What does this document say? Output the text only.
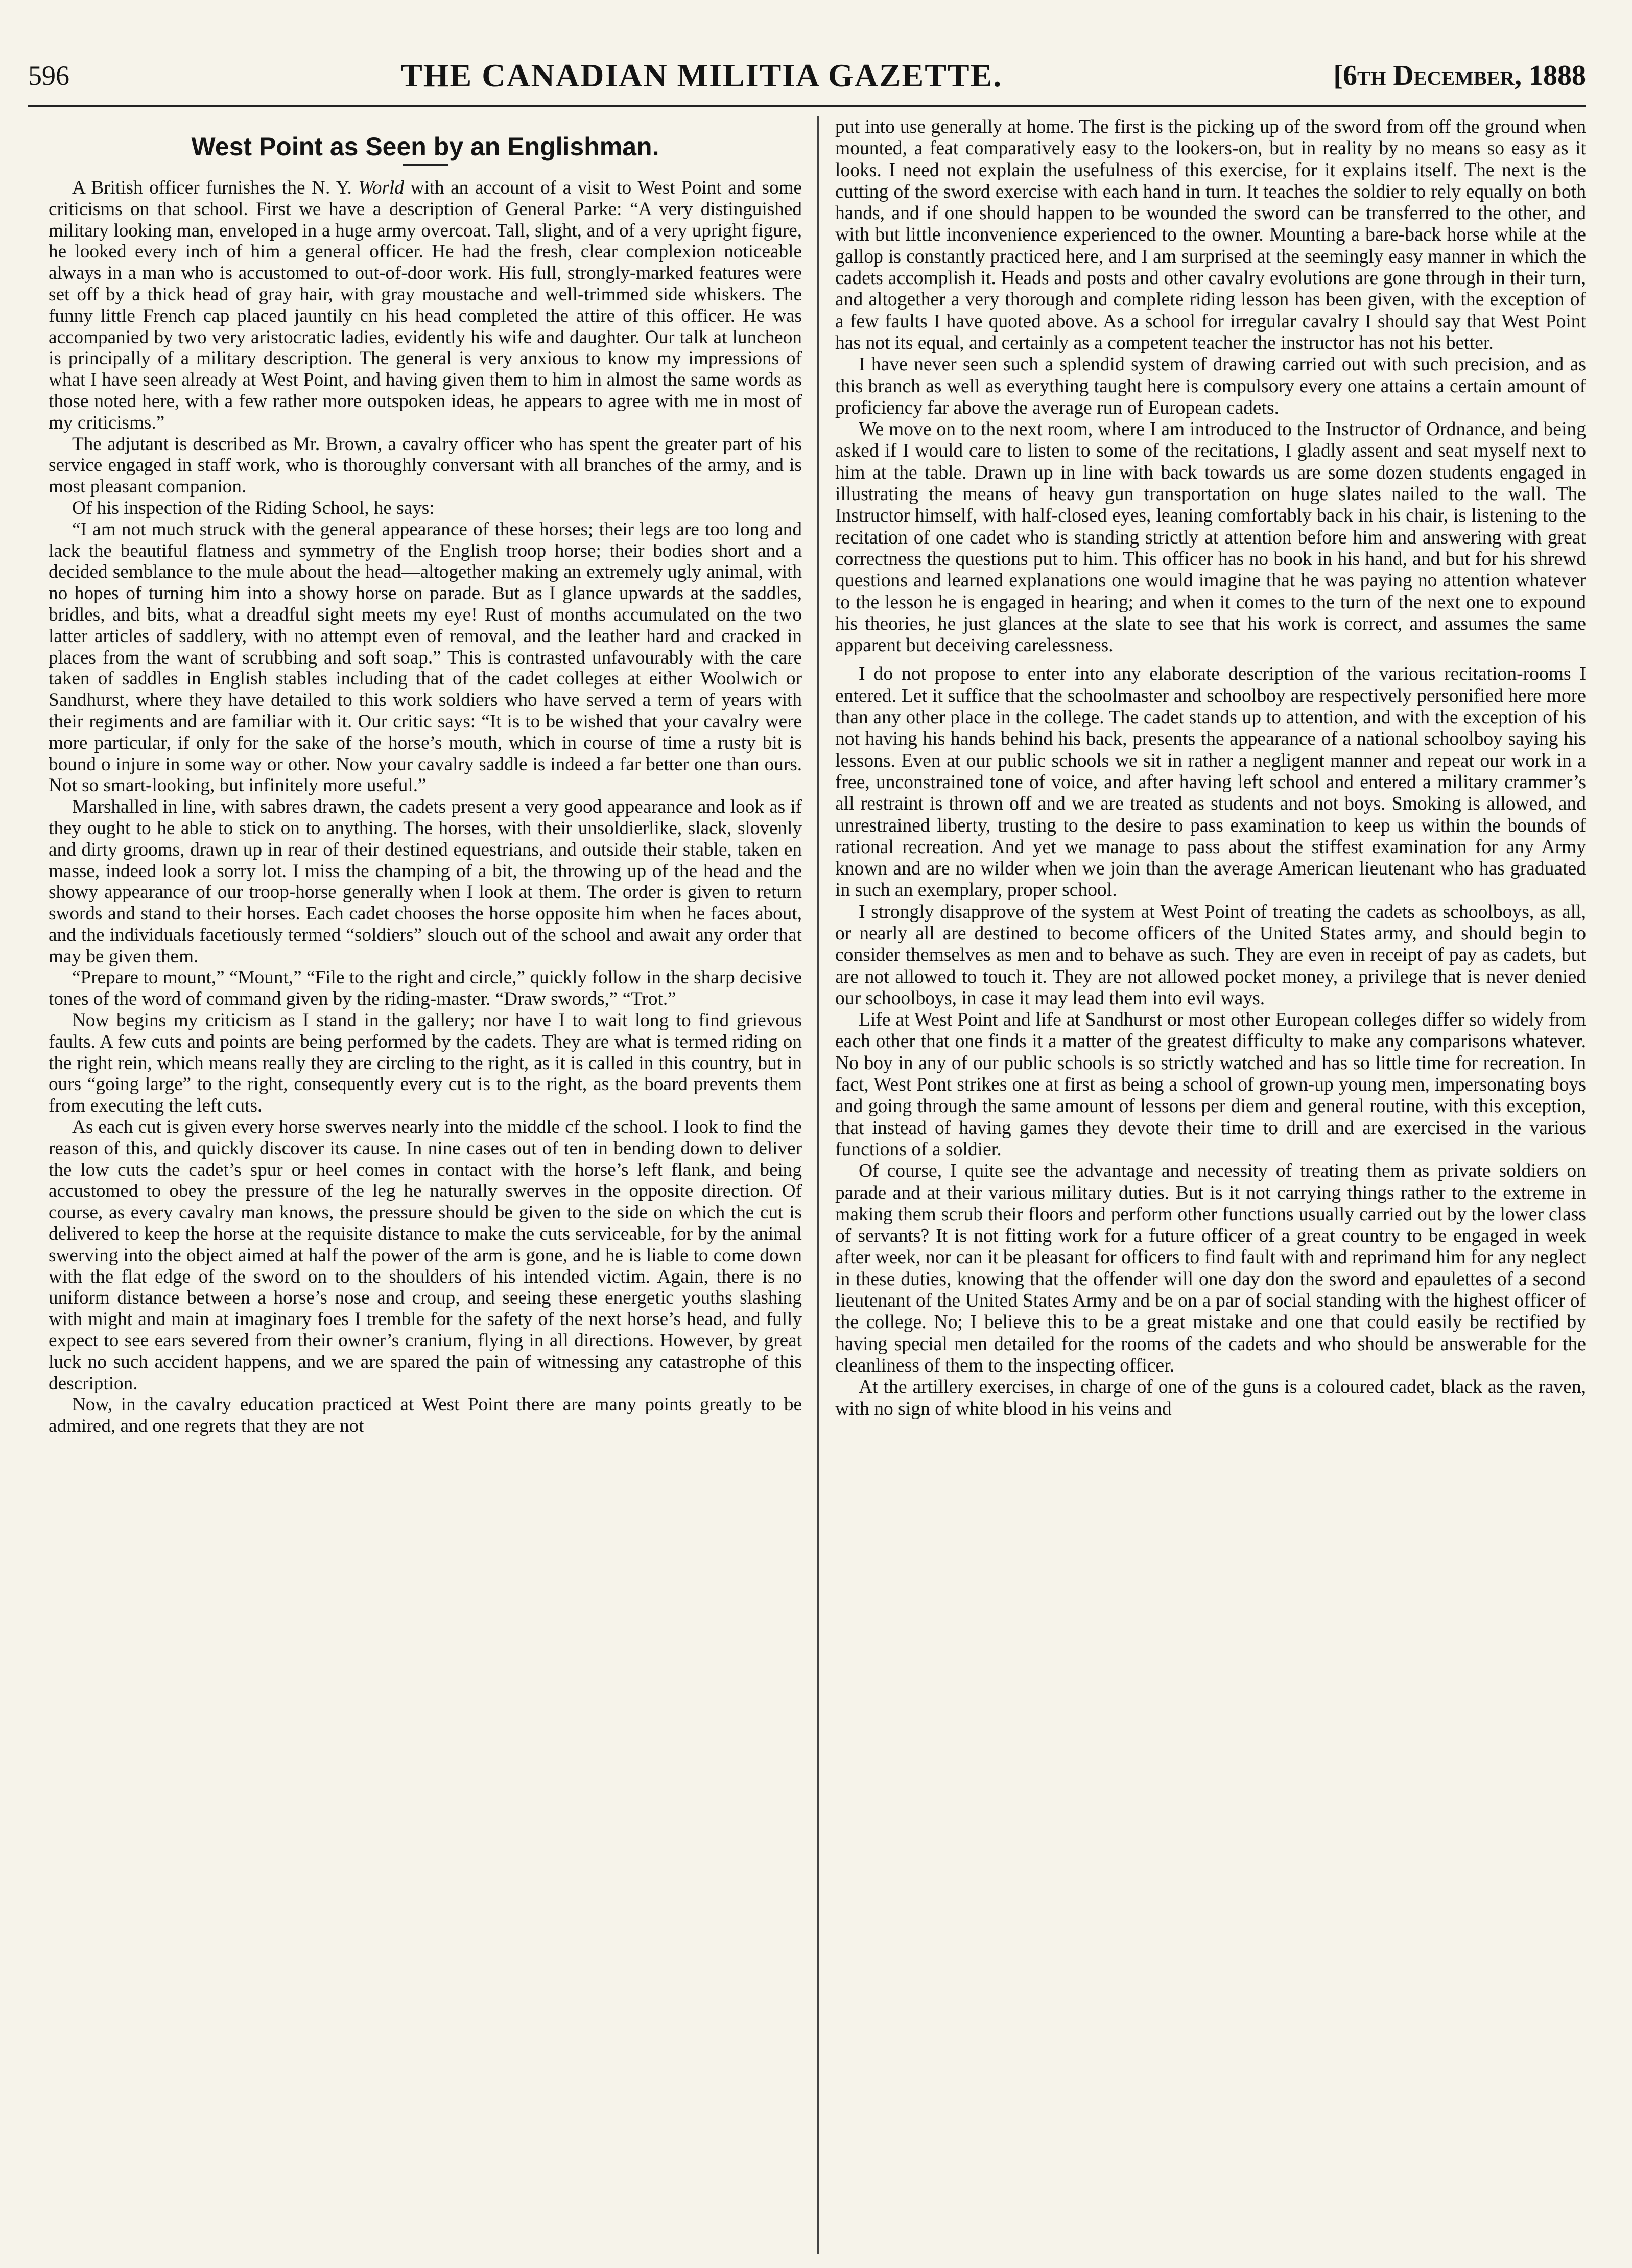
596	THE CANADIAN MILITIA GAZETTE.	[6th December, 1888
West Point as Seen by an Englishman.

A British officer furnishes the N. Y. World with an account of a visit to West Point and some criticisms on that school. First we have a description of General Parke: “A very distinguished military looking man, enveloped in a huge army overcoat. Tall, slight, and of a very upright figure, he looked every inch of him a general officer. He had the fresh, clear complexion noticeable always in a man who is accustomed to out-of-door work. His full, strongly-marked features were set off by a thick head of gray hair, with gray moustache and well-trimmed side whiskers. The funny little French cap placed jauntily cn his head completed the attire of this officer. He was accompanied by two very aristocratic ladies, evidently his wife and daughter. Our talk at luncheon is principally of a military description. The general is very anxious to know my impressions of what I have seen already at West Point, and having given them to him in almost the same words as those noted here, with a few rather more outspoken ideas, he appears to agree with me in most of my criticisms.”

The adjutant is described as Mr. Brown, a cavalry officer who has spent the greater part of his service engaged in staff work, who is thoroughly conversant with all branches of the army, and is most pleasant companion.

Of his inspection of the Riding School, he says:

“I am not much struck with the general appearance of these horses; their legs are too long and lack the beautiful flatness and symmetry of the English troop horse; their bodies short and a decided semblance to the mule about the head—altogether making an extremely ugly animal, with no hopes of turning him into a showy horse on parade. But as I glance upwards at the saddles, bridles, and bits, what a dreadful sight meets my eye! Rust of months accumulated on the two latter articles of saddlery, with no attempt even of removal, and the leather hard and cracked in places from the want of scrubbing and soft soap.” This is contrasted unfavourably with the care taken of saddles in English stables including that of the cadet colleges at either Woolwich or Sandhurst, where they have detailed to this work soldiers who have served a term of years with their regiments and are familiar with it. Our critic says: “It is to be wished that your cavalry were more particular, if only for the sake of the horse’s mouth, which in course of time a rusty bit is bound o injure in some way or other. Now your cavalry saddle is indeed a far better one than ours. Not so smart-looking, but infinitely more useful.”

Marshalled in line, with sabres drawn, the cadets present a very good appearance and look as if they ought to he able to stick on to anything. The horses, with their unsoldierlike, slack, slovenly and dirty grooms, drawn up in rear of their destined equestrians, and outside their stable, taken en masse, indeed look a sorry lot. I miss the champing of a bit, the throwing up of the head and the showy appearance of our troop-horse generally when I look at them. The order is given to return swords and stand to their horses. Each cadet chooses the horse opposite him when he faces about, and the individuals facetiously termed “soldiers” slouch out of the school and await any order that may be given them.

“Prepare to mount,” “Mount,” “File to the right and circle,” quickly follow in the sharp decisive tones of the word of command given by the riding-master. “Draw swords,” “Trot.”

Now begins my criticism as I stand in the gallery; nor have I to wait long to find grievous faults. A few cuts and points are being performed by the cadets. They are what is termed riding on the right rein, which means really they are circling to the right, as it is called in this country, but in ours “going large” to the right, consequently every cut is to the right, as the board prevents them from executing the left cuts.

As each cut is given every horse swerves nearly into the middle cf the school. I look to find the reason of this, and quickly discover its cause. In nine cases out of ten in bending down to deliver the low cuts the cadet’s spur or heel comes in contact with the horse’s left flank, and being accustomed to obey the pressure of the leg he naturally swerves in the opposite direction. Of course, as every cavalry man knows, the pressure should be given to the side on which the cut is delivered to keep the horse at the requisite distance to make the cuts serviceable, for by the animal swerving into the object aimed at half the power of the arm is gone, and he is liable to come down with the flat edge of the sword on to the shoulders of his intended victim. Again, there is no uniform distance between a horse’s nose and croup, and seeing these energetic youths slashing with might and main at imaginary foes I tremble for the safety of the next horse’s head, and fully expect to see ears severed from their owner’s cranium, flying in all directions. However, by great luck no such accident happens, and we are spared the pain of witnessing any catastrophe of this description.

Now, in the cavalry education practiced at West Point there are many points greatly to be admired, and one regrets that they are not

put into use generally at home. The first is the picking up of the sword from off the ground when mounted, a feat comparatively easy to the lookers-on, but in reality by no means so easy as it looks. I need not explain the usefulness of this exercise, for it explains itself. The next is the cutting of the sword exercise with each hand in turn. It teaches the soldier to rely equally on both hands, and if one should happen to be wounded the sword can be transferred to the other, and with but little inconvenience experienced to the owner. Mounting a bare-back horse while at the gallop is constantly practiced here, and I am surprised at the seemingly easy manner in which the cadets accomplish it. Heads and posts and other cavalry evolutions are gone through in their turn, and altogether a very thorough and complete riding lesson has been given, with the exception of a few faults I have quoted above. As a school for irregular cavalry I should say that West Point has not its equal, and certainly as a competent teacher the instructor has not his better.

I have never seen such a splendid system of drawing carried out with such precision, and as this branch as well as everything taught here is compulsory every one attains a certain amount of proficiency far above the average run of European cadets.

We move on to the next room, where I am introduced to the Instructor of Ordnance, and being asked if I would care to listen to some of the recitations, I gladly assent and seat myself next to him at the table. Drawn up in line with back towards us are some dozen students engaged in illustrating the means of heavy gun transportation on huge slates nailed to the wall. The Instructor himself, with half-closed eyes, leaning comfortably back in his chair, is listening to the recitation of one cadet who is standing strictly at attention before him and answering with great correctness the questions put to him. This officer has no book in his hand, and but for his shrewd questions and learned explanations one would imagine that he was paying no attention whatever to the lesson he is engaged in hearing; and when it comes to the turn of the next one to expound his theories, he just glances at the slate to see that his work is correct, and assumes the same apparent but deceiving carelessness.

I do not propose to enter into any elaborate description of the various recitation-rooms I entered. Let it suffice that the schoolmaster and schoolboy are respectively personified here more than any other place in the college. The cadet stands up to attention, and with the exception of his not having his hands behind his back, presents the appearance of a national schoolboy saying his lessons. Even at our public schools we sit in rather a negligent manner and repeat our work in a free, unconstrained tone of voice, and after having left school and entered a military crammer’s all restraint is thrown off and we are treated as students and not boys. Smoking is allowed, and unrestrained liberty, trusting to the desire to pass examination to keep us within the bounds of rational recreation. And yet we manage to pass about the stiffest examination for any Army known and are no wilder when we join than the average American lieutenant who has graduated in such an exemplary, proper school.

I strongly disapprove of the system at West Point of treating the cadets as schoolboys, as all, or nearly all are destined to become officers of the United States army, and should begin to consider themselves as men and to behave as such. They are even in receipt of pay as cadets, but are not allowed to touch it. They are not allowed pocket money, a privilege that is never denied our schoolboys, in case it may lead them into evil ways.

Life at West Point and life at Sandhurst or most other European colleges differ so widely from each other that one finds it a matter of the greatest difficulty to make any comparisons whatever. No boy in any of our public schools is so strictly watched and has so little time for recreation. In fact, West Pont strikes one at first as being a school of grown-up young men, impersonating boys and going through the same amount of lessons per diem and general routine, with this exception, that instead of having games they devote their time to drill and are exercised in the various functions of a soldier.

Of course, I quite see the advantage and necessity of treating them as private soldiers on parade and at their various military duties. But is it not carrying things rather to the extreme in making them scrub their floors and perform other functions usually carried out by the lower class of servants? It is not fitting work for a future officer of a great country to be engaged in week after week, nor can it be pleasant for officers to find fault with and reprimand him for any neglect in these duties, knowing that the offender will one day don the sword and epaulettes of a second lieutenant of the United States Army and be on a par of social standing with the highest officer of the college. No; I believe this to be a great mistake and one that could easily be rectified by having special men detailed for the rooms of the cadets and who should be answerable for the cleanliness of them to the inspecting officer.

At the artillery exercises, in charge of one of the guns is a coloured cadet, black as the raven, with no sign of white blood in his veins and
